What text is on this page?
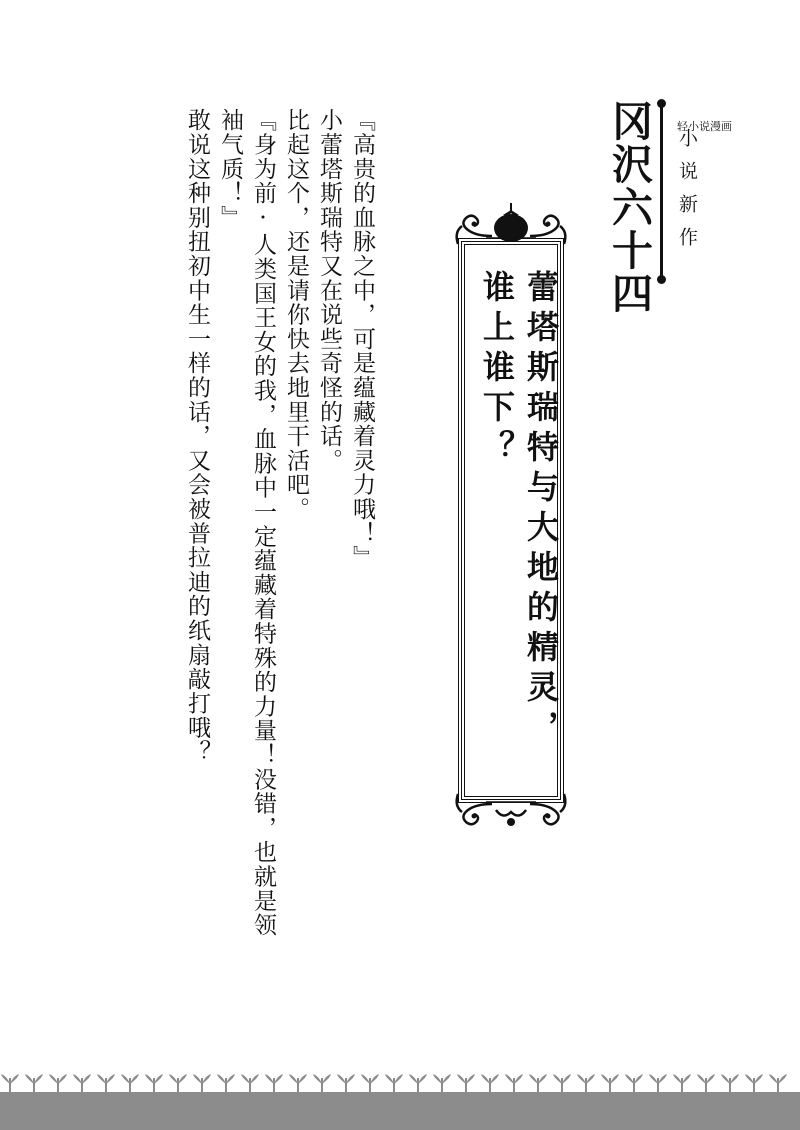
冈沢六十四 轻小说漫画
小说新作
蕾塔斯瑞特与大地的精灵，
谁上谁下？
『高贵的血脉之中，可是蕴藏着灵力哦！』
小蕾塔斯瑞特又在说些奇怪的话。
比起这个，还是请你快去地里干活吧。
『身为前·人类国王女的我，血脉中一定蕴藏着特殊的力量！没错，也就是领
袖气质！』
敢说这种别扭初中生一样的话，又会被普拉迪的纸扇敲打哦？
